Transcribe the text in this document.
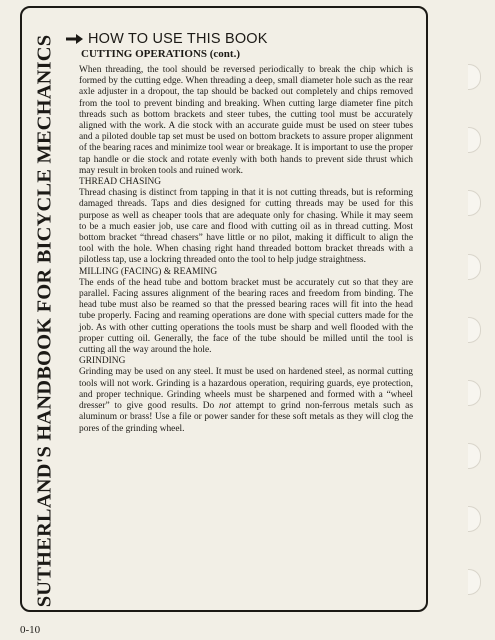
SUTHERLAND'S HANDBOOK FOR BICYCLE MECHANICS HOW TO USE THIS BOOK
CUTTING OPERATIONS (cont.)

When threading, the tool should be reversed periodically to break the chip which is formed by the cutting edge. When threading a deep, small diameter hole such as the rear axle adjuster in a dropout, the tap should be backed out completely and chips removed from the tool to prevent binding and breaking. When cutting large diameter fine pitch threads such as bottom brackets and steer tubes, the cutting tool must be accurately aligned with the work. A die stock with an accurate guide must be used on steer tubes and a piloted double tap set must be used on bottom brackets to assure proper alignment of the bearing races and minimize tool wear or breakage. It is important to use the proper tap handle or die stock and rotate evenly with both hands to prevent side thrust which may result in broken tools and ruined work.

THREAD CHASING

Thread chasing is distinct from tapping in that it is not cutting threads, but is reforming damaged threads. Taps and dies designed for cutting threads may be used for this purpose as well as cheaper tools that are adequate only for chasing. While it may seem to be a much easier job, use care and flood with cutting oil as in thread cutting. Most bottom bracket “thread chasers” have little or no pilot, making it difficult to align the tool with the hole. When chasing right hand threaded bottom bracket threads with a pilotless tap, use a lockring threaded onto the tool to help judge straightness.

MILLING (FACING) & REAMING

The ends of the head tube and bottom bracket must be accurately cut so that they are parallel. Facing assures alignment of the bearing races and freedom from binding. The head tube must also be reamed so that the pressed bearing races will fit into the head tube properly. Facing and reaming operations are done with special cutters made for the job. As with other cutting operations the tools must be sharp and well flooded with the proper cutting oil. Generally, the face of the tube should be milled until the tool is cutting all the way around the hole.

GRINDING

Grinding may be used on any steel. It must be used on hardened steel, as normal cutting tools will not work. Grinding is a hazardous operation, requiring guards, eye protection, and proper technique. Grinding wheels must be sharpened and formed with a “wheel dresser” to give good results. Do not attempt to grind non-ferrous metals such as aluminum or brass! Use a file or power sander for these soft metals as they will clog the pores of the grinding wheel.

0-10
